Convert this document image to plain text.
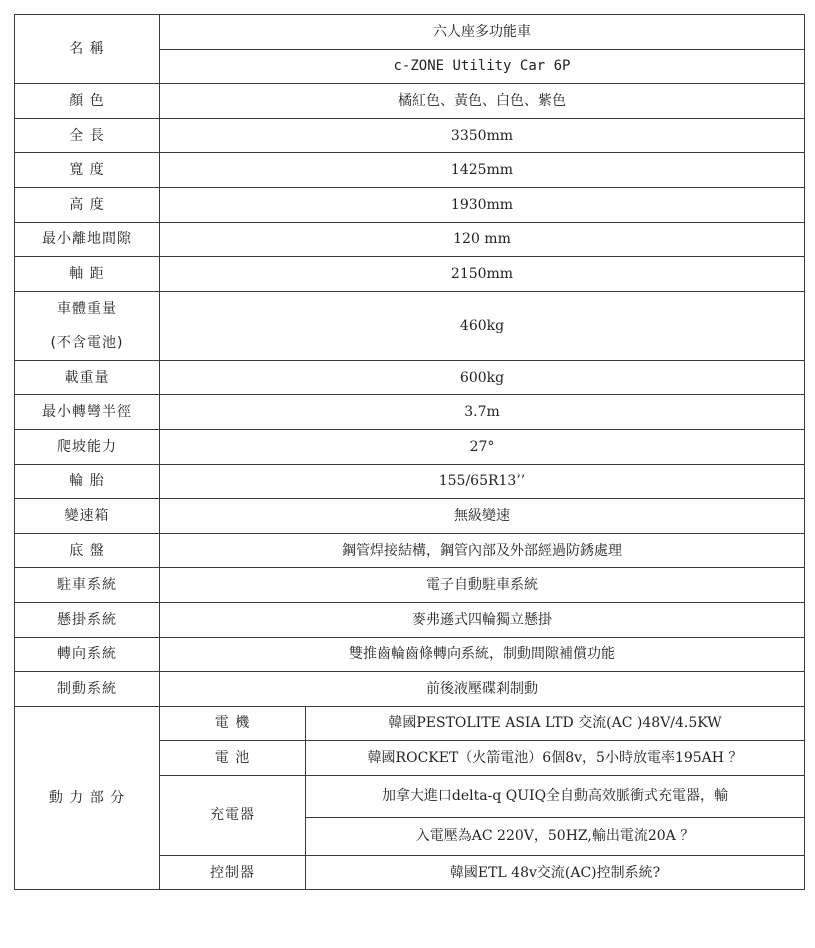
名 稱	六人座多功能車	
	c-ZONE Utility Car 6P	
顏 色	橘紅色、黃色、白色、紫色	
全 長	3350mm	
寬 度	1425mm	
高 度	1930mm	
最小離地間隙	120 mm	
軸 距	2150mm	

車體重量
(不含電池)	460kg	
載重量	600kg	
最小轉彎半徑	3.7m	
爬坡能力	27°	
輪 胎	155/65R13’’	
變速箱	無級變速	
底 盤	鋼管焊接結構，鋼管內部及外部經過防銹處理	
駐車系統	電子自動駐車系統	
懸掛系統	麥弗遜式四輪獨立懸掛	
轉向系統	雙推齒輪齒條轉向系統，制動間隙補償功能	
制動系統	前後液壓碟剎制動	
動 力 部 分	電 機	韓國PESTOLITE ASIA LTD 交流(AC )48V/4.5KW
	電 池	韓國ROCKET（火箭電池）6個8v，5小時放電率195AH ？
	充電器	加拿大進口delta-q QUIQ全自動高效脈衝式充電器，輸
		入電壓為AC 220V，50HZ,輸出電流20A ？
	控制器	韓國ETL 48v交流(AC)控制系統?
